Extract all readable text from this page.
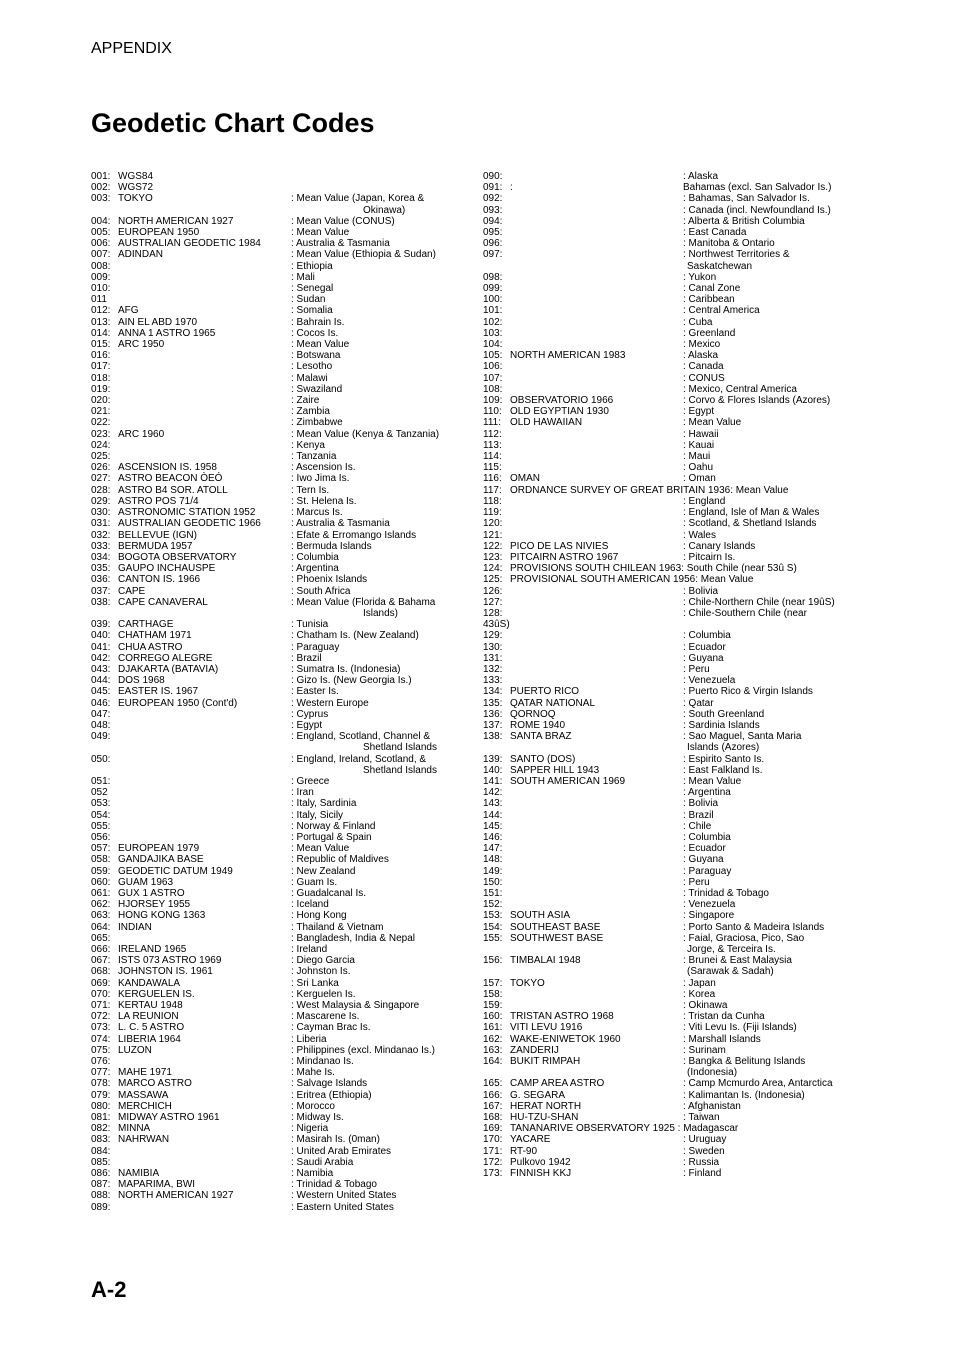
APPENDIX
Geodetic Chart Codes
001: WGS84

002: WGS72

003: TOKYO	: Mean Value (Japan, Korea &
Okinawa)
004: NORTH AMERICAN 1927	: Mean Value (CONUS)
005: EUROPEAN 1950	: Mean Value
006: AUSTRALIAN GEODETIC 1984	: Australia & Tasmania
007: ADINDAN	: Mean Value (Ethiopia & Sudan)
008:	: Ethiopia
009:	: Mali
010:	: Senegal
011	: Sudan
012: AFG	: Somalia
013: AIN EL ABD 1970	: Bahrain Is.
014: ANNA 1 ASTRO 1965	: Cocos Is.
015: ARC 1950	: Mean Value
016:	: Botswana
017:	: Lesotho
018:	: Malawi
019:	: Swaziland
020:	: Zaire
021:	: Zambia
022:	: Zimbabwe
023: ARC 1960	: Mean Value (Kenya & Tanzania)
024:	: Kenya
025:	: Tanzania
026: ASCENSION IS. 1958	: Ascension Is.
027: ASTRO BEACON ÒEÓ	: Iwo Jima Is.
028: ASTRO B4 SOR. ATOLL	: Tern Is.
029: ASTRO POS 71/4	: St. Helena Is.
030: ASTRONOMIC STATION 1952	: Marcus Is.
031: AUSTRALIAN GEODETIC 1966	: Australia & Tasmania
032: BELLEVUE (IGN)	: Efate & Erromango Islands
033: BERMUDA 1957	: Bermuda Islands
034: BOGOTA OBSERVATORY	: Columbia
035: GAUPO INCHAUSPE	: Argentina
036: CANTON IS. 1966	: Phoenix Islands
037: CAPE	: South Africa
038: CAPE CANAVERAL	: Mean Value (Florida & Bahama
Islands)
039: CARTHAGE	: Tunisia
040: CHATHAM 1971	: Chatham Is. (New Zealand)
041: CHUA ASTRO	: Paraguay
042: CORREGO ALEGRE	: Brazil
043: DJAKARTA (BATAVIA)	: Sumatra Is. (Indonesia)
044: DOS 1968	: Gizo Is. (New Georgia Is.)
045: EASTER IS. 1967	: Easter Is.
046: EUROPEAN 1950 (Cont'd)	: Western Europe
047:	: Cyprus
048:	: Egypt
049:	: England, Scotland, Channel &
Shetland Islands
050:	: England, Ireland, Scotland, &
Shetland Islands
051:	: Greece
052	: Iran
053:	: Italy, Sardinia
054:	: Italy, Sicily
055:	: Norway & Finland
056:	: Portugal & Spain
057: EUROPEAN 1979	: Mean Value
058: GANDAJIKA BASE	: Republic of Maldives
059: GEODETIC DATUM 1949	: New Zealand
060: GUAM 1963	: Guam Is.
061: GUX 1 ASTRO	: Guadalcanal Is.
062: HJORSEY 1955	: Iceland
063: HONG KONG 1363	: Hong Kong
064: INDIAN	: Thailand & Vietnam
065:	: Bangladesh, India & Nepal
066: IRELAND 1965	: Ireland
067: ISTS 073 ASTRO 1969	: Diego Garcia
068: JOHNSTON IS. 1961	: Johnston Is.
069: KANDAWALA	: Sri Lanka
070: KERGUELEN IS.	: Kerguelen Is.
071: KERTAU 1948	: West Malaysia & Singapore
072: LA REUNION	: Mascarene Is.
073: L. C. 5 ASTRO	: Cayman Brac Is.
074: LIBERIA 1964	: Liberia
075: LUZON	: Philippines (excl. Mindanao Is.)
076:	: Mindanao Is.
077: MAHE 1971	: Mahe Is.
078: MARCO ASTRO	: Salvage Islands
079: MASSAWA	: Eritrea (Ethiopia)
080: MERCHICH	: Morocco
081: MIDWAY ASTRO 1961	: Midway Is.
082: MINNA	: Nigeria
083: NAHRWAN	: Masirah Is. (0man)
084:	: United Arab Emirates
085:	: Saudi Arabia
086: NAMIBIA	: Namibia
087: MAPARIMA, BWI	: Trinidad & Tobago
088: NORTH AMERICAN 1927	: Western United States
089:	: Eastern United States
090:	: Alaska
091: :	Bahamas (excl. San Salvador Is.)
092:	: Bahamas, San Salvador Is.
093:	: Canada (incl. Newfoundland Is.)
094:	: Alberta & British Columbia
095:	: East Canada
096:	: Manitoba & Ontario
097:	: Northwest Territories &
Saskatchewan
098:	: Yukon
099:	: Canal Zone
100:	: Caribbean
101:	: Central America
102:	: Cuba
103:	: Greenland
104:	: Mexico
105: NORTH AMERICAN 1983	: Alaska
106:	: Canada
107:	: CONUS
108:	: Mexico, Central America
109: OBSERVATORIO 1966	: Corvo & Flores Islands (Azores)
110: OLD EGYPTIAN 1930	: Egypt
111: OLD HAWAIIAN	: Mean Value
112:	: Hawaii
113:	: Kauai
114:	: Maui
115:	: Oahu
116: OMAN	: Oman
117: ORDNANCE SURVEY OF GREAT BRITAIN 1936: Mean Value

118:	: England
119:	: England, Isle of Man & Wales
120:	: Scotland, & Shetland Islands
121:	: Wales
122: PICO DE LAS NIVIES	: Canary Islands
123: PITCAIRN ASTRO 1967	: Pitcairn Is.
124: PROVISIONS SOUTH CHILEAN 1963: South Chile (near 53û S)

125: PROVISIONAL SOUTH AMERICAN 1956: Mean Value

126:	: Bolivia
127:	: Chile-Northern Chile (near 19ûS)
128:	: Chile-Southern Chile (near
43ûS)
129:	: Columbia
130:	: Ecuador
131:	: Guyana
132:	: Peru
133:	: Venezuela
134: PUERTO RICO	: Puerto Rico & Virgin Islands
135: QATAR NATIONAL	: Qatar
136: QORNOQ	: South Greenland
137: ROME 1940	: Sardinia Islands
138: SANTA BRAZ	: Sao Maguel, Santa Maria
Islands (Azores)
139: SANTO (DOS)	: Espirito Santo Is.
140: SAPPER HILL 1943	: East Falkland Is.
141: SOUTH AMERICAN 1969	: Mean Value
142:	: Argentina
143:	: Bolivia
144:	: Brazil
145:	: Chile
146:	: Columbia
147:	: Ecuador
148:	: Guyana
149:	: Paraguay
150:	: Peru
151:	: Trinidad & Tobago
152:	: Venezuela
153: SOUTH ASIA	: Singapore
154: SOUTHEAST BASE	: Porto Santo & Madeira Islands
155: SOUTHWEST BASE	: Faial, Graciosa, Pico, Sao
Jorge, & Terceira Is.
156: TIMBALAI 1948	: Brunei & East Malaysia
(Sarawak & Sadah)
157: TOKYO	: Japan
158:	: Korea
159:	: Okinawa
160: TRISTAN ASTRO 1968	: Tristan da Cunha
161: VITI LEVU 1916	: Viti Levu Is. (Fiji Islands)
162: WAKE-ENIWETOK 1960	: Marshall Islands
163: ZANDERIJ	: Surinam
164: BUKIT RIMPAH	: Bangka & Belitung Islands
(Indonesia)
165: CAMP AREA ASTRO	: Camp Mcmurdo Area, Antarctica
166: G. SEGARA	: Kalimantan Is. (Indonesia)
167: HERAT NORTH	: Afghanistan
168: HU-TZU-SHAN	: Taiwan
169: TANANARIVE OBSERVATORY 1925 : Madagascar

170: YACARE	: Uruguay
171: RT-90	: Sweden
172: Pulkovo 1942	: Russia
173: FINNISH KKJ	: Finland
A-2
